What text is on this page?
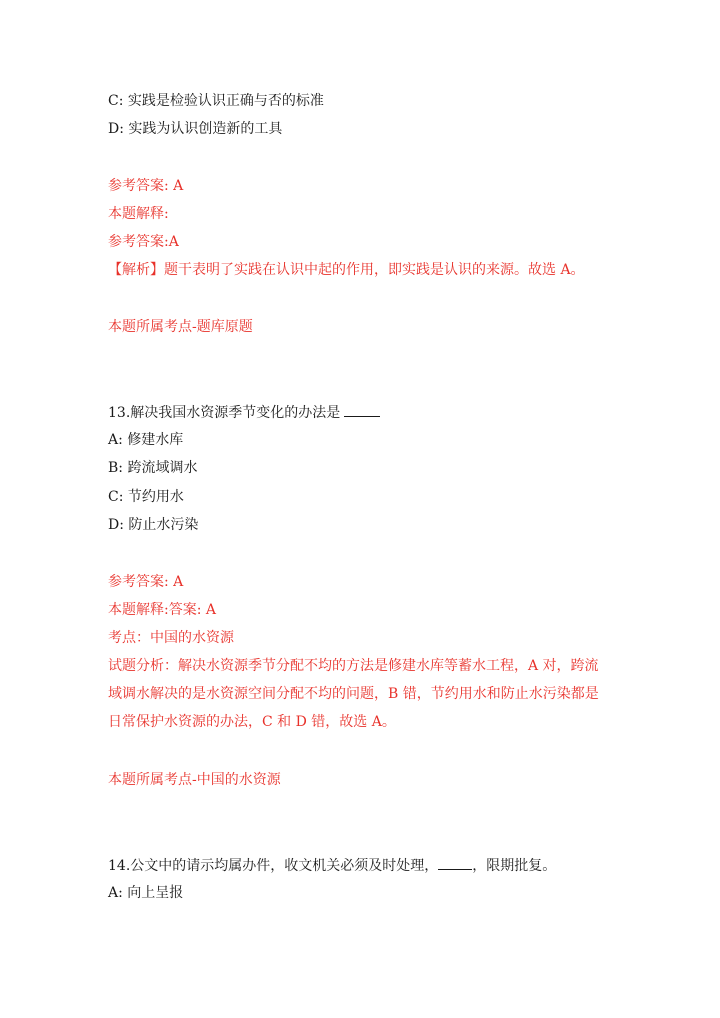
C: 实践是检验认识正确与否的标准
D: 实践为认识创造新的工具
参考答案: A
本题解释:
参考答案:A
【解析】题干表明了实践在认识中起的作用，即实践是认识的来源。故选 A。
本题所属考点-题库原题
13.解决我国水资源季节变化的办法是
A: 修建水库
B: 跨流域调水
C: 节约用水
D: 防止水污染
参考答案: A
本题解释:答案: A
考点：中国的水资源
试题分析：解决水资源季节分配不均的方法是修建水库等蓄水工程，A 对，跨流域调水解决的是水资源空间分配不均的问题，B 错，节约用水和防止水污染都是日常保护水资源的办法，C 和 D 错，故选 A。
本题所属考点-中国的水资源
14.公文中的请示均属办件，收文机关必须及时处理， ，限期批复。
A: 向上呈报
